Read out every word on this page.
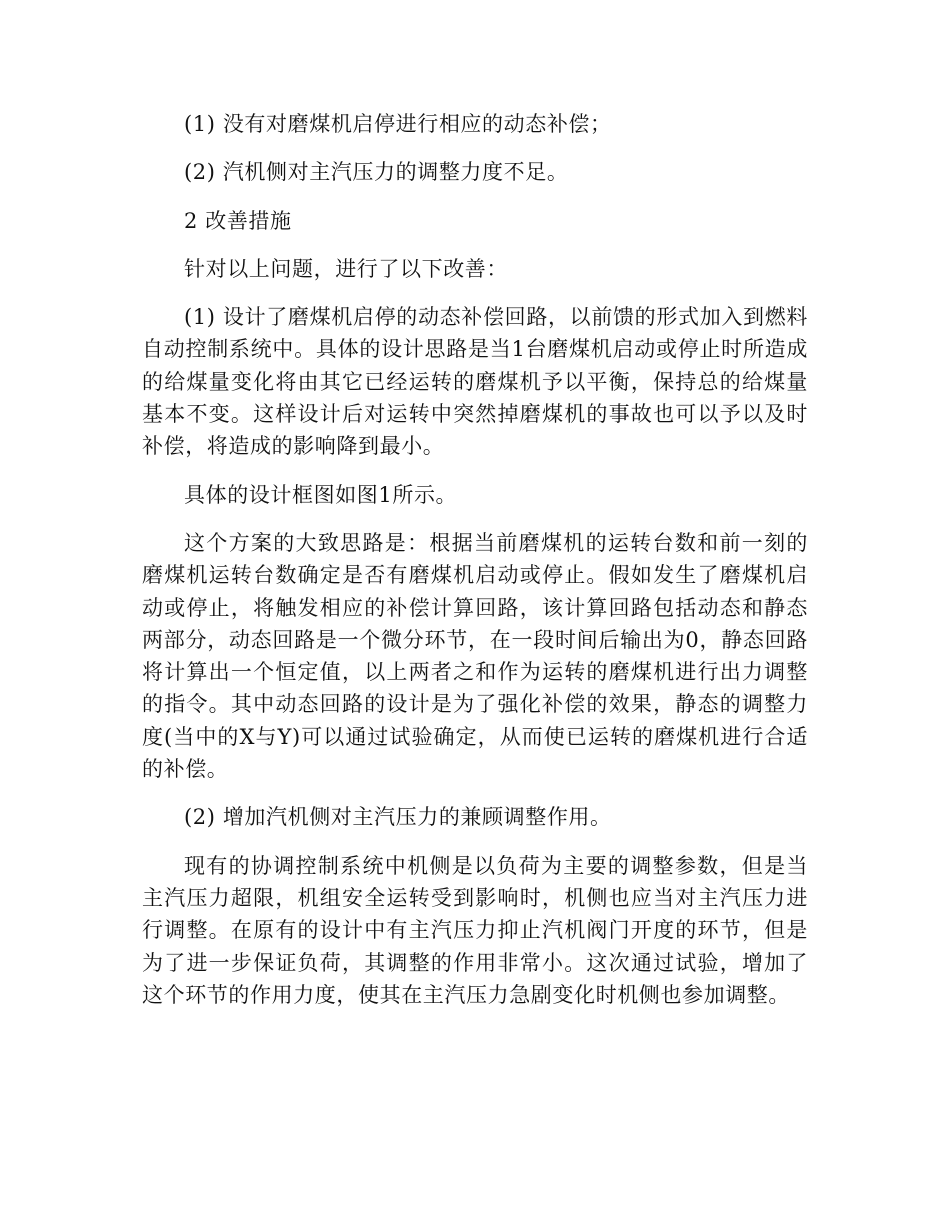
(1) 没有对磨煤机启停进行相应的动态补偿；

(2) 汽机侧对主汽压力的调整力度不足。

2 改善措施

针对以上问题，进行了以下改善：

(1) 设计了磨煤机启停的动态补偿回路，以前馈的形式加入到燃料自动控制系统中。具体的设计思路是当1台磨煤机启动或停止时所造成的给煤量变化将由其它已经运转的磨煤机予以平衡，保持总的给煤量基本不变。这样设计后对运转中突然掉磨煤机的事故也可以予以及时补偿，将造成的影响降到最小。

具体的设计框图如图1所示。

这个方案的大致思路是：根据当前磨煤机的运转台数和前一刻的磨煤机运转台数确定是否有磨煤机启动或停止。假如发生了磨煤机启动或停止，将触发相应的补偿计算回路，该计算回路包括动态和静态两部分，动态回路是一个微分环节，在一段时间后输出为0，静态回路将计算出一个恒定值，以上两者之和作为运转的磨煤机进行出力调整的指令。其中动态回路的设计是为了强化补偿的效果，静态的调整力度(当中的X与Y)可以通过试验确定，从而使已运转的磨煤机进行合适的补偿。

(2) 增加汽机侧对主汽压力的兼顾调整作用。

现有的协调控制系统中机侧是以负荷为主要的调整参数，但是当主汽压力超限，机组安全运转受到影响时，机侧也应当对主汽压力进行调整。在原有的设计中有主汽压力抑止汽机阀门开度的环节，但是为了进一步保证负荷，其调整的作用非常小。这次通过试验，增加了这个环节的作用力度，使其在主汽压力急剧变化时机侧也参加调整。
